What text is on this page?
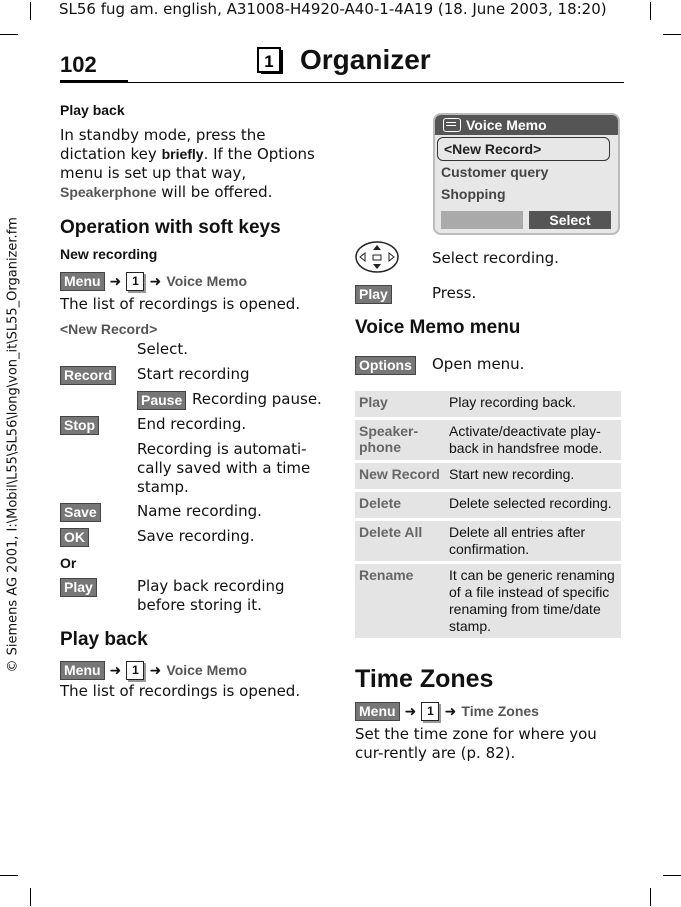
SL56 fug am. english, A31008-H4920-A40-1-4A19 (18. June 2003, 18:20)
© Siemens AG 2001, I:\Mobil\L55\SL56\long\von_it\SL55_Organizer.fm
102	1 Organizer
Play back
In standby mode, press the dictation key briefly. If the Options menu is set up that way, Speakerphone will be offered.
Operation with soft keys
New recording
Menu ➜ 1 ➜ Voice Memo
The list of recordings is opened.
<New Record>
Select.
Record Start recording
Pause Recording pause.
Stop	End recording.
Recording is automati-cally saved with a time stamp.
Save	Name recording.
OK	Save recording.
Or
Play	Play back recording before storing it.
Play back
Menu ➜ 1 ➜ Voice Memo
The list of recordings is opened.
Voice Memo
<New Record>
Customer query
Shopping
Select
Select recording.
Play	Press.
Voice Memo menu
Options Open menu.
Play	Play recording back.
Speaker-phone	Activate/deactivate play-back in handsfree mode.
New Record	Start new recording.
Delete	Delete selected recording.
Delete All	Delete all entries after confirmation.
Rename	It can be generic renaming of a file instead of specific renaming from time/date stamp.
Time Zones
Menu ➜ 1 ➜ Time Zones
Set the time zone for where you cur-rently are (p. 82).
